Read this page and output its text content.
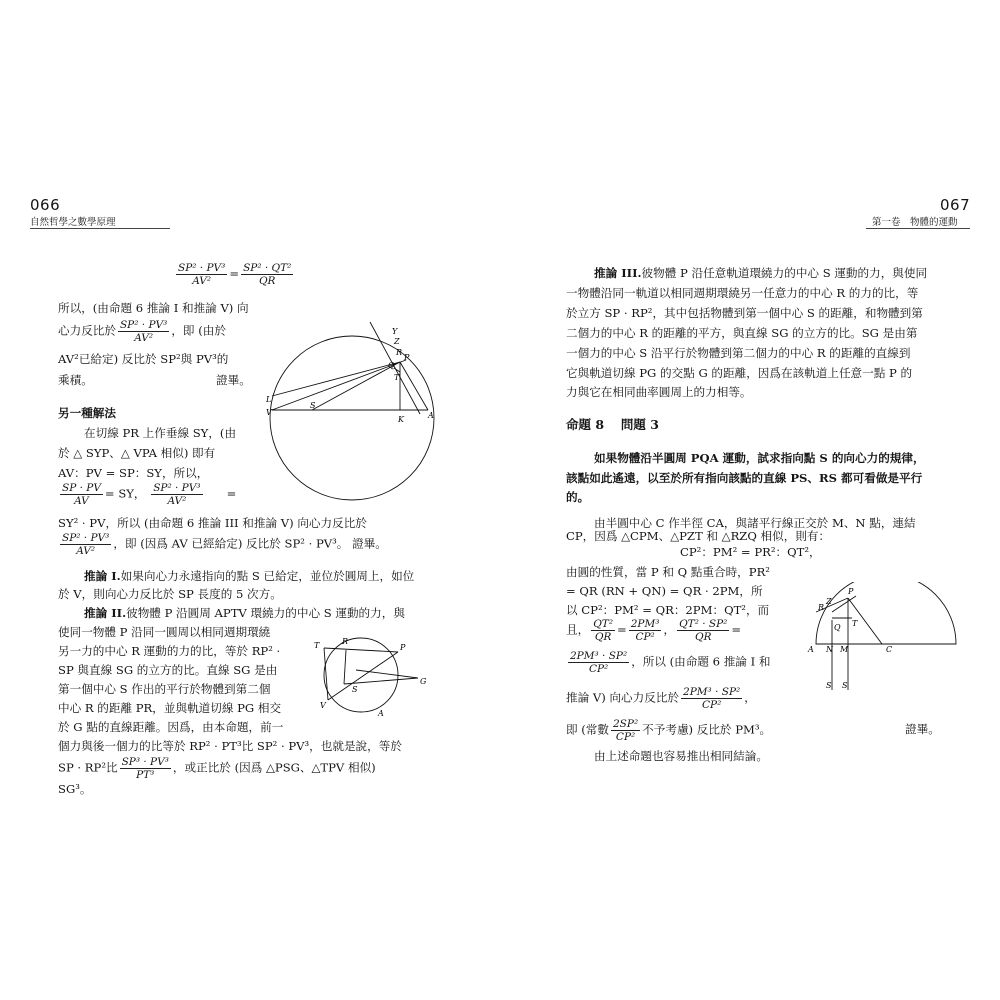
066
自然哲學之數學原理
$\frac{\text{SP² · PV³}}{\text{AV²}} = \frac{\text{SP² · QT²}}{QR}$
所以，(由命題 6 推論 I 和推論 V) 向
心力反比於 $\frac{\text{SP² · PV³}}{\text{AV²}}$ ，即 (由於
AV²已給定) 反比於 SP²與 PV³的
乘積。	證畢。
另一種解法
在切線 PR 上作垂線 SY，(由
於 △ SYP、△ VPA 相似) 即有
AV：PV = SP：SY，所以，
$\frac{SP \cdot PV}{AV}$ = SY， $\frac{\text{SP² · PV³}}{\text{AV²}}$ =
SY² · PV，所以 (由命題 6 推論 III 和推論 V) 向心力反比於
$\frac{\text{SP² · PV³}}{\text{AV²}}$ ，即 (因爲 AV 已經給定) 反比於 SP² · PV³。 證畢。
推論 I.如果向心力永遠指向的點 S 已給定，並位於圓周上，如位
於 V，則向心力反比於 SP 長度的 5 次方。
推論 II.彼物體 P 沿圓周 APTV 環繞力的中心 S 運動的力，與
使同一物體 P 沿同一圓周以相同週期環繞
另一力的中心 R 運動的力的比，等於 RP² ·
SP 與直線 SG 的立方的比。直線 SG 是由
第一個中心 S 作出的平行於物體到第二個
中心 R 的距離 PR，並與軌道切線 PG 相交
於 G 點的直線距離。因爲，由本命題，前一
個力與後一個力的比等於 RP² · PT³比 SP² · PV³，也就是說，等於
SP · RP²比 $\frac{\text{SP³ · PV³}}{\text{PT³}}$ ，或正比於 (因爲 △PSG、△TPV 相似)
SG³。
Y
Z
R
P
Q
T
L
V
S
A
K
T	R
P
S
G
V
A
067
第一卷　物體的運動
推論 III.彼物體 P 沿任意軌道環繞力的中心 S 運動的力，與使同
一物體沿同一軌道以相同週期環繞另一任意力的中心 R 的力的比，等
於立方 SP · RP²，其中包括物體到第一個中心 S 的距離，和物體到第
二個力的中心 R 的距離的平方，與直線 SG 的立方的比。SG 是由第
一個力的中心 S 沿平行於物體到第二個力的中心 R 的距離的直線到
它與軌道切線 PG 的交點 G 的距離，因爲在該軌道上任意一點 P 的
力與它在相同曲率圓周上的力相等。
命題 8　 問題 3
如果物體沿半圓周 PQA 運動，試求指向點 S 的向心力的規律，
該點如此遙遠，以至於所有指向該點的直線 PS、RS 都可看做是平行
的。
由半圓中心 C 作半徑 CA，與諸平行線正交於 M、N 點，連結
CP，因爲 △CPM、△PZT 和 △RZQ 相似，則有：
CP²：PM² = PR²：QT²，
由圓的性質，當 P 和 Q 點重合時，PR²
= QR (RN + QN) = QR · 2PM，所
以 CP²：PM² = QR：2PM：QT²，而
且， $\frac{\text{QT²}}{QR} = \frac{\text{2PM³}}{\text{CP²}}$ ， $\frac{\text{QT² · SP²}}{QR}$ =
$\frac{\text{2PM³ · SP²}}{\text{CP²}}$ ，所以 (由命題 6 推論 I 和
推論 V) 向心力反比於 $\frac{\text{2PM³ · SP²}}{\text{CP²}}$ ，
即 (常數 $\frac{\text{2SP²}}{\text{CP²}}$ 不予考慮) 反比於 PM³。	證畢。
由上述命題也容易推出相同結論。
R
Z
P
Q T
A N M	C
S S
